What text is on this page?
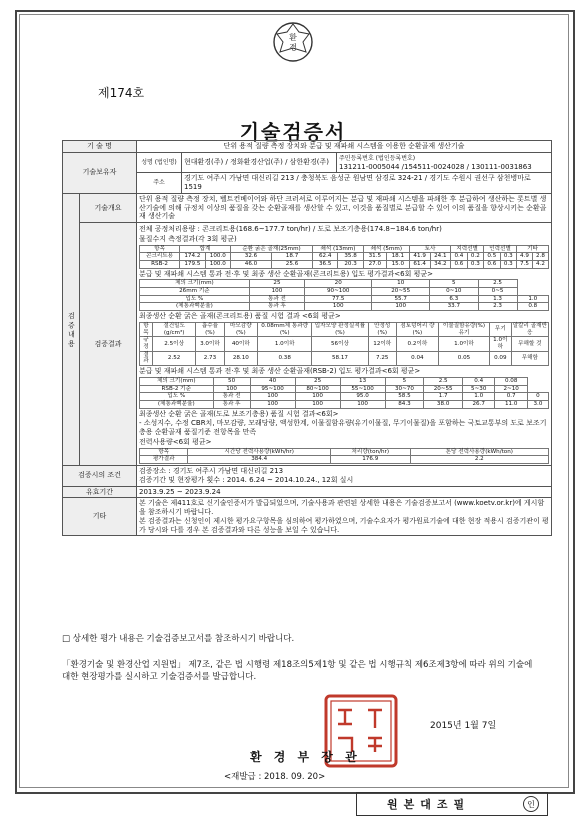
환
경
제174호
기술검증서
기 술 명	단위 용적 질량 측정 장치와 분급 및 재파쇄 시스템을 이용한 순환골재 생산기술
기술보유자	성명 (법인명)	현대환경(주) / 정화환경산업(주) / 삼한환경(주)	주민등록번호 (법인등록번호)
131211-0005044 /154511-0024028 / 130111-0031863
주소	경기도 여주시 가남면 대신리길 213 / 충청북도 음성군 원남면 삼경로 324-21 / 경기도 수원시 권선구 삼천병마로 1519
검 증 내 용	기술개요	단위 용적 질량 측정 장치, 벨트컨베이어와 하단 크러셔로 이루어지는 분급 및 재파쇄 시스템을 파쇄한 후 분급하여 생산하는 롯트별 생산기술에 의해 규정치 이상의 품질을 갖는 순환골재를 생산할 수 있고, 이것을 품질별로 분급할 수 있어 이의 품질을 향상시키는 순환골재 생산기술
검증결과	
전체 공정처리용량 : 콘크리트용(168.6~177.7 ton/hr) / 도로 보조기층용(174.8~184.6 ton/hr)
물질수지 측정결과(각 3회 평균)
항목	합계	순환 굵은 골재(25mm)	쇄석 (13mm)	쇄석 (5mm)	토사	지력선별	인력선별	기타
콘크리트용	174.2	100.0	32.6	18.7	62.4	35.8	31.5	18.1	41.9	24.1	0.4	0.2	0.5	0.3	4.9	2.8
RSB-2	179.5	100.0	46.0	25.6	36.5	20.3	27.0	15.0	61.4	34.2	0.6	0.3	0.6	0.3	7.5	4.2
분급 및 재파쇄 시스템 통과 전·후 및 최종 생산 순환골재(콘크리트용) 입도 평가결과<6회 평균>
체의 크기(mm)	25	20	10	5	2.5
26mm 기준	100	90~100	20~55	0~10	0~5
입도 %	통과 전	77.5	55.7	6.3	1.3	1.0
(체통과백분율)	통과 후	100	100	33.7	2.3	0.8
최종생산 순환 굵은 골재(콘크리트용) 품질 시험 결과 <6회 평균>
항목	절건밀도 (g/cm³)	흡수율 (%)	마모감량 (%)	0.08mm체 통과량(%)	입자모양 판정실적률(%)	안정성 (%)	점토덩어리 량(%)	이물질함유량(%) 유기	무기	알칼리 골재반응
규정	2.5이상	3.0이하	40이하	1.0이하	56이상	12이하	0.2이하	1.0이하	1.0이하	무해할 것
결과	2.52	2.73	28.10	0.38	58.17	7.25	0.04	0.05	0.09	무해함
분급 및 재파쇄 시스템 통과 전·후 및 최종 생산 순환골재(RSB-2) 입도 평가결과<6회 평균>
체의 크기(mm)	50	40	25	13	5	2.5	0.4	0.08
RSB-2 기준	100	95~100	80~100	55~100	30~70	20~55	5~30	2~10
입도 %	통과 전	100	100	95.0	58.5	1.7	1.0	0.7	0
(체통과백분율)	통과 후	100	100	100	84.3	38.0	26.7	11.0	3.0
최종생산 순환 굵은 골재(도로 보조기층용) 품질 시험 결과<6회>
- 소성지수, 수정 CBR치, 마모감량, 모래당량, 액성한계, 이물질함유량(유기이물질, 무기이물질)을 포함하는 국토교통부의 도로 보조기층용 순환골재 품질기준 전항목을 만족
전력사용량<6회 평균>
항목	시간당 전력사용량(kWh/hr)	처리량(ton/hr)	톤당 전력사용량(kWh/ton)
평가결과	384.4	176.9	2.2

검증시의 조건	
검증장소 : 경기도 여주시 가남면 대신리길 213
검증기간 및 현장평가 횟수 : 2014. 6.24 ~ 2014.10.24., 12회 실시

유효기간	2013.9.25 ~ 2023.9.24
기타	
본 기술은 제411호로 신기술인증서가 발급되었으며, 기술사용과 관련된 상세한 내용은 기술검증보고서 (www.koetv.or.kr)에 게시함을 참조하시기 바랍니다.
본 검증결과는 신청인이 제시한 평가요구항목을 심의하여 평가하였으며, 기술수요자가 평가원료기술에 대한 현장 적용시 검증기관이 평가 당시와 다를 경우 본 검증결과와 다른 성능을 보일 수 있습니다.
□ 상세한 평가 내용은 기술검증보고서를 참조하시기 바랍니다.
「환경기술 및 환경산업 지원법」 제7조, 같은 법 시행령 제18조의5제1항 및 같은 법 시행규칙 제6조제3항에 따라 위의 기술에 대한 현장평가를 실시하고 기술검증서를 발급합니다.
2015년 1월 7일
환 경 부 장 관
<재발급 : 2018. 09. 20>
원본대조필	인
